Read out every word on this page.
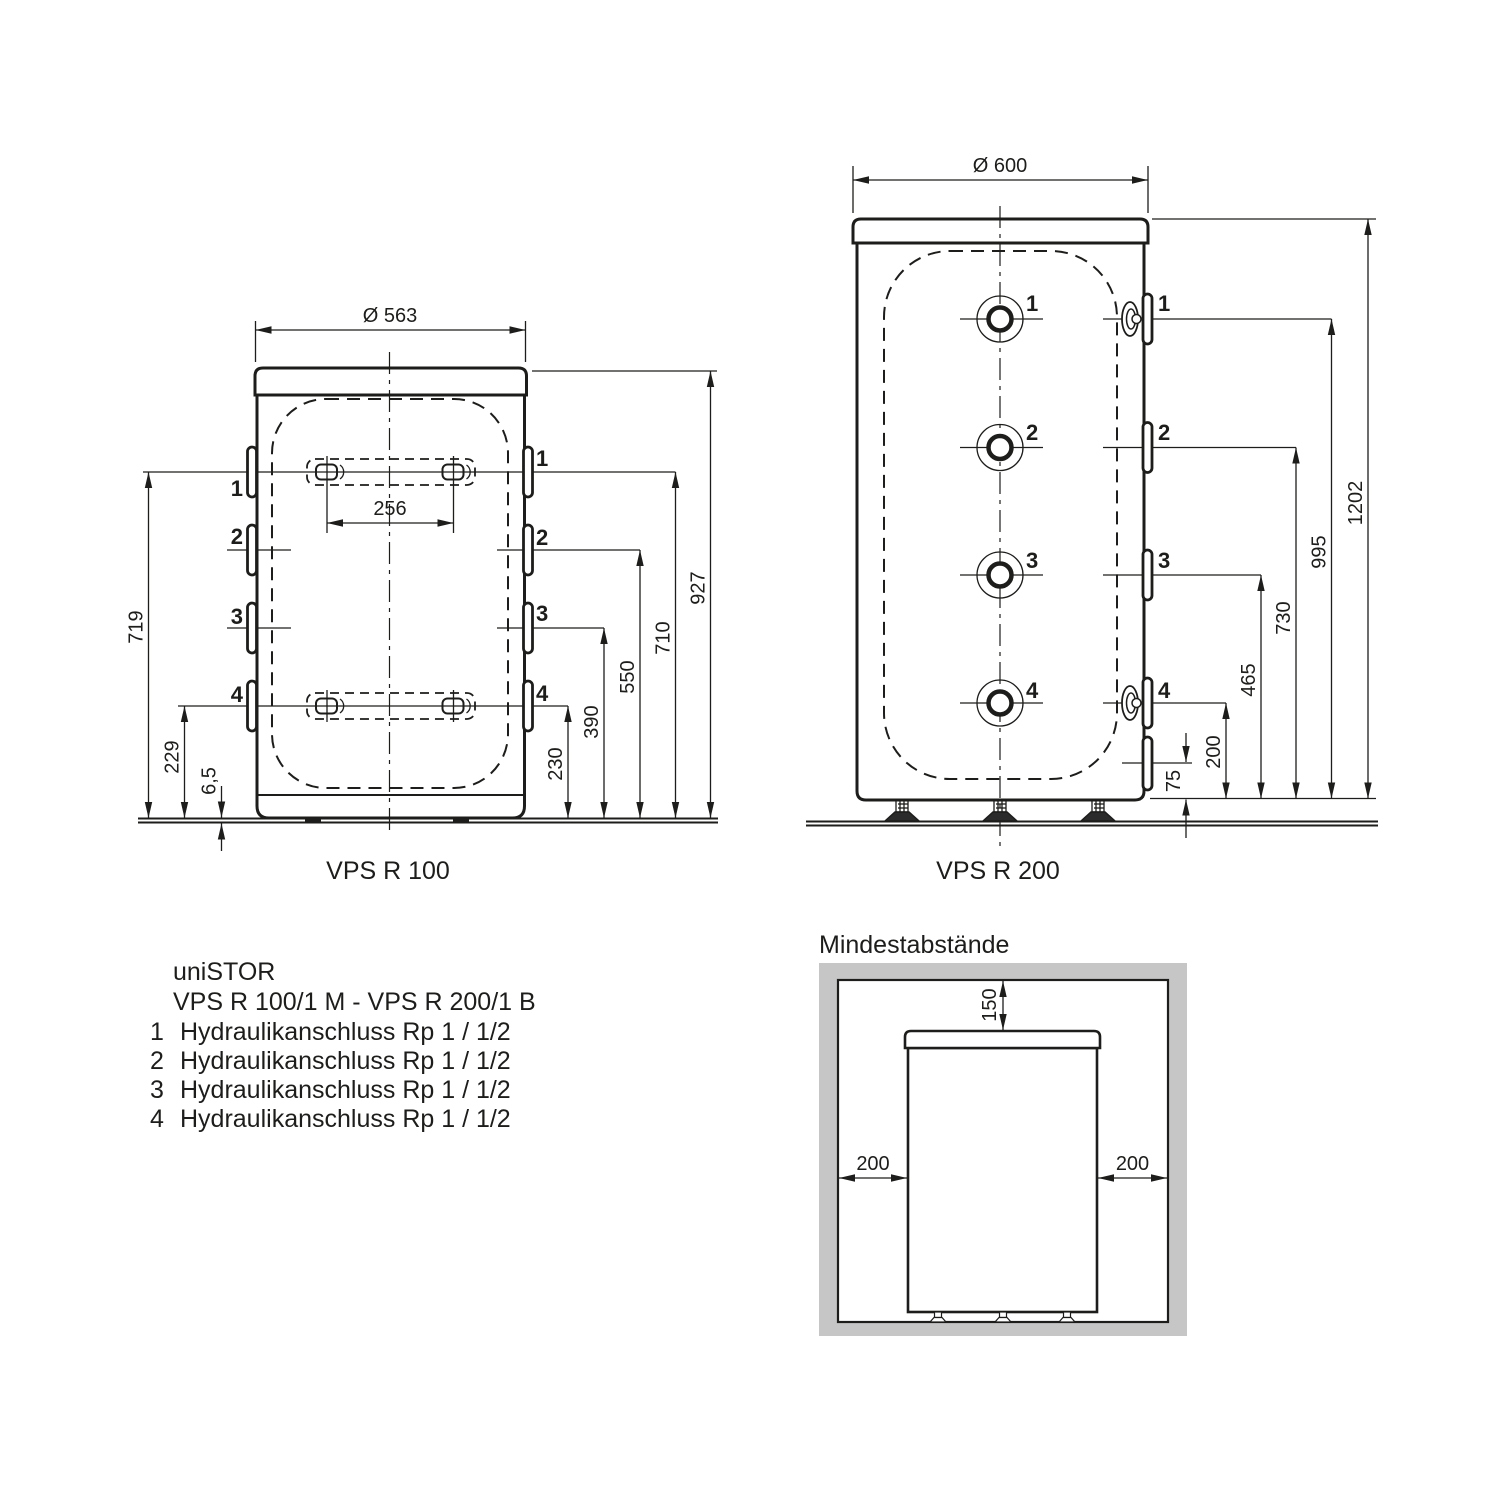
Ø 563
256
230
390
550
710
927
719
229
6,5
1
2
3
4
1
2
3
4
VPS R 100
Ø 600
200
465
730
995
1202
75
1
2
3
4
1
2
3
4
VPS R 200
uniSTOR
VPS R 100/1 M - VPS R 200/1 B
1 Hydraulikanschluss Rp 1 / 1/2
2 Hydraulikanschluss Rp 1 / 1/2
3 Hydraulikanschluss Rp 1 / 1/2
4 Hydraulikanschluss Rp 1 / 1/2
Mindestabstände
150
200	200
